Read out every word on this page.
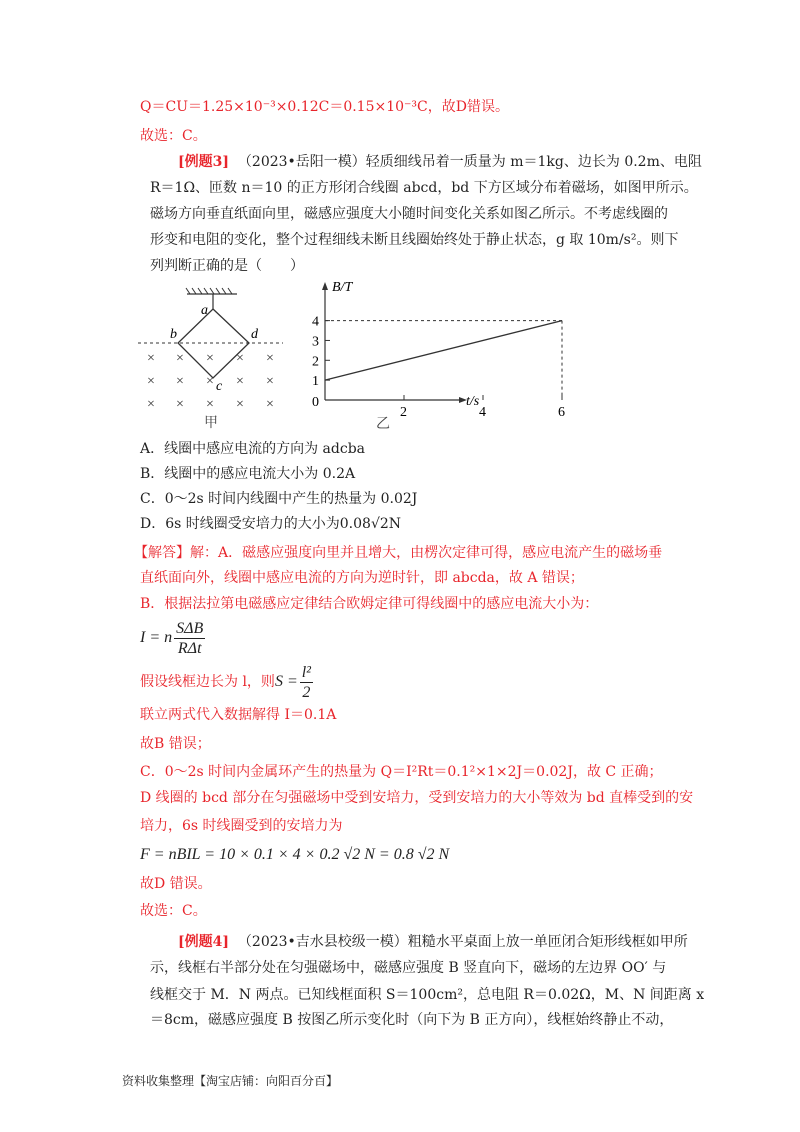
Q＝CU＝1.25×10⁻³×0.12C＝0.15×10⁻³C，故D错误。
故选：C。
[例题3] （2023•岳阳一模）轻质细线吊着一质量为 m＝1kg、边长为 0.2m、电阻
R＝1Ω、匝数 n＝10 的正方形闭合线圈 abcd，bd 下方区域分布着磁场，如图甲所示。
磁场方向垂直纸面向里，磁感应强度大小随时间变化关系如图乙所示。不考虑线圈的
形变和电阻的变化，整个过程细线未断且线圈始终处于静止状态，g 取 10m/s²。则下
列判断正确的是（　　）
× × × × ×
× × × × ×
× × × × ×
a
b
c
d
甲
B/T
t/s
0
2	4	6
1
2
3
4
乙
A．线圈中感应电流的方向为 adcba
B．线圈中的感应电流大小为 0.2A
C．0～2s 时间内线圈中产生的热量为 0.02J
D．6s 时线圈受安培力的大小为0.08√2N
【解答】解：A．磁感应强度向里并且增大，由楞次定律可得，感应电流产生的磁场垂
直纸面向外，线圈中感应电流的方向为逆时针，即 abcda，故 A 错误；
B．根据法拉第电磁感应定律结合欧姆定律可得线圈中的感应电流大小为：
I = n $\frac{\text{SΔB}}{\text{RΔt}}$
假设线框边长为 l，则$S = \frac{\text{l²}}{2}$
联立两式代入数据解得 I＝0.1A
故B 错误；
C．0～2s 时间内金属环产生的热量为 Q＝I²Rt＝0.1²×1×2J＝0.02J，故 C 正确；
D 线圈的 bcd 部分在匀强磁场中受到安培力，受到安培力的大小等效为 bd 直棒受到的安
培力，6s 时线圈受到的安培力为
F = nBIL = 10 × 0.1 × 4 × 0.2 √2 N = 0.8 √2 N
故D 错误。
故选：C。
[例题4] （2023•吉水县校级一模）粗糙水平桌面上放一单匝闭合矩形线框如甲所
示，线框右半部分处在匀强磁场中，磁感应强度 B 竖直向下，磁场的左边界 OO′ 与
线框交于 M．N 两点。已知线框面积 S＝100cm²，总电阻 R＝0.02Ω，M、N 间距离 x
＝8cm，磁感应强度 B 按图乙所示变化时（向下为 B 正方向），线框始终静止不动，
资料收集整理【淘宝店铺：向阳百分百】
